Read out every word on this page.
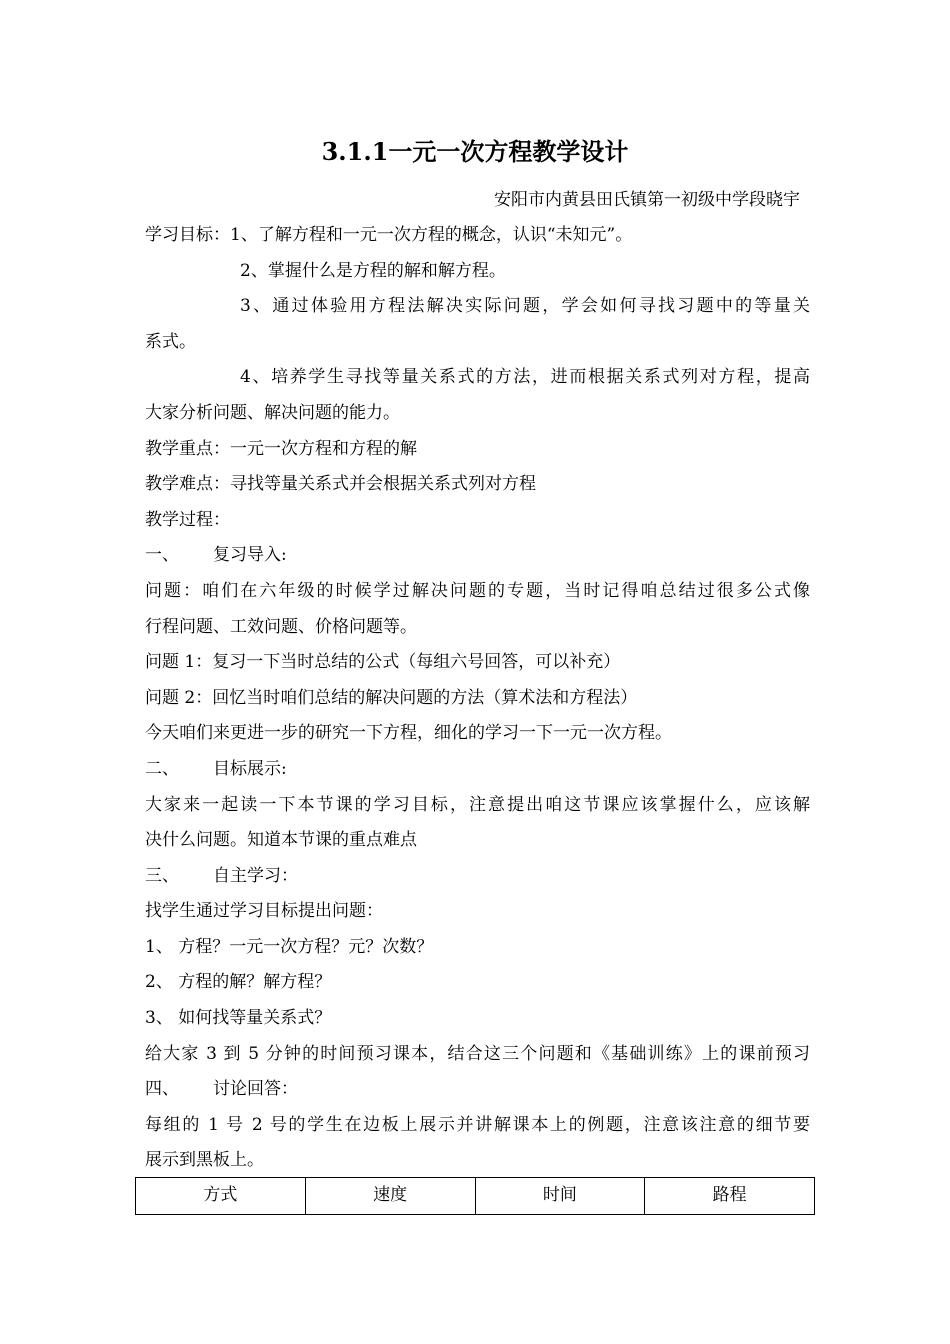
3.1.1一元一次方程教学设计
安阳市内黄县田氏镇第一初级中学段晓宇
学习目标：1、了解方程和一元一次方程的概念，认识“未知元”。
2、掌握什么是方程的解和解方程。
3、通过体验用方程法解决实际问题，学会如何寻找习题中的等量关
系式。
4、培养学生寻找等量关系式的方法，进而根据关系式列对方程，提高
大家分析问题、解决问题的能力。
教学重点：一元一次方程和方程的解
教学难点：寻找等量关系式并会根据关系式列对方程
教学过程：
一、 复习导入:
问题：咱们在六年级的时候学过解决问题的专题，当时记得咱总结过很多公式像
行程问题、工效问题、价格问题等。
问题 1：复习一下当时总结的公式（每组六号回答，可以补充）
问题 2：回忆当时咱们总结的解决问题的方法（算术法和方程法）
今天咱们来更进一步的研究一下方程，细化的学习一下一元一次方程。
二、 目标展示:
大家来一起读一下本节课的学习目标，注意提出咱这节课应该掌握什么，应该解
决什么问题。知道本节课的重点难点
三、 自主学习：
找学生通过学习目标提出问题：
1、 方程？一元一次方程？元？次数？
2、 方程的解？解方程？
3、 如何找等量关系式？
给大家 3 到 5 分钟的时间预习课本，结合这三个问题和《基础训练》上的课前预习
四、 讨论回答：
每组的 1 号 2 号的学生在边板上展示并讲解课本上的例题，注意该注意的细节要
展示到黑板上。
方式	速度	时间	路程
